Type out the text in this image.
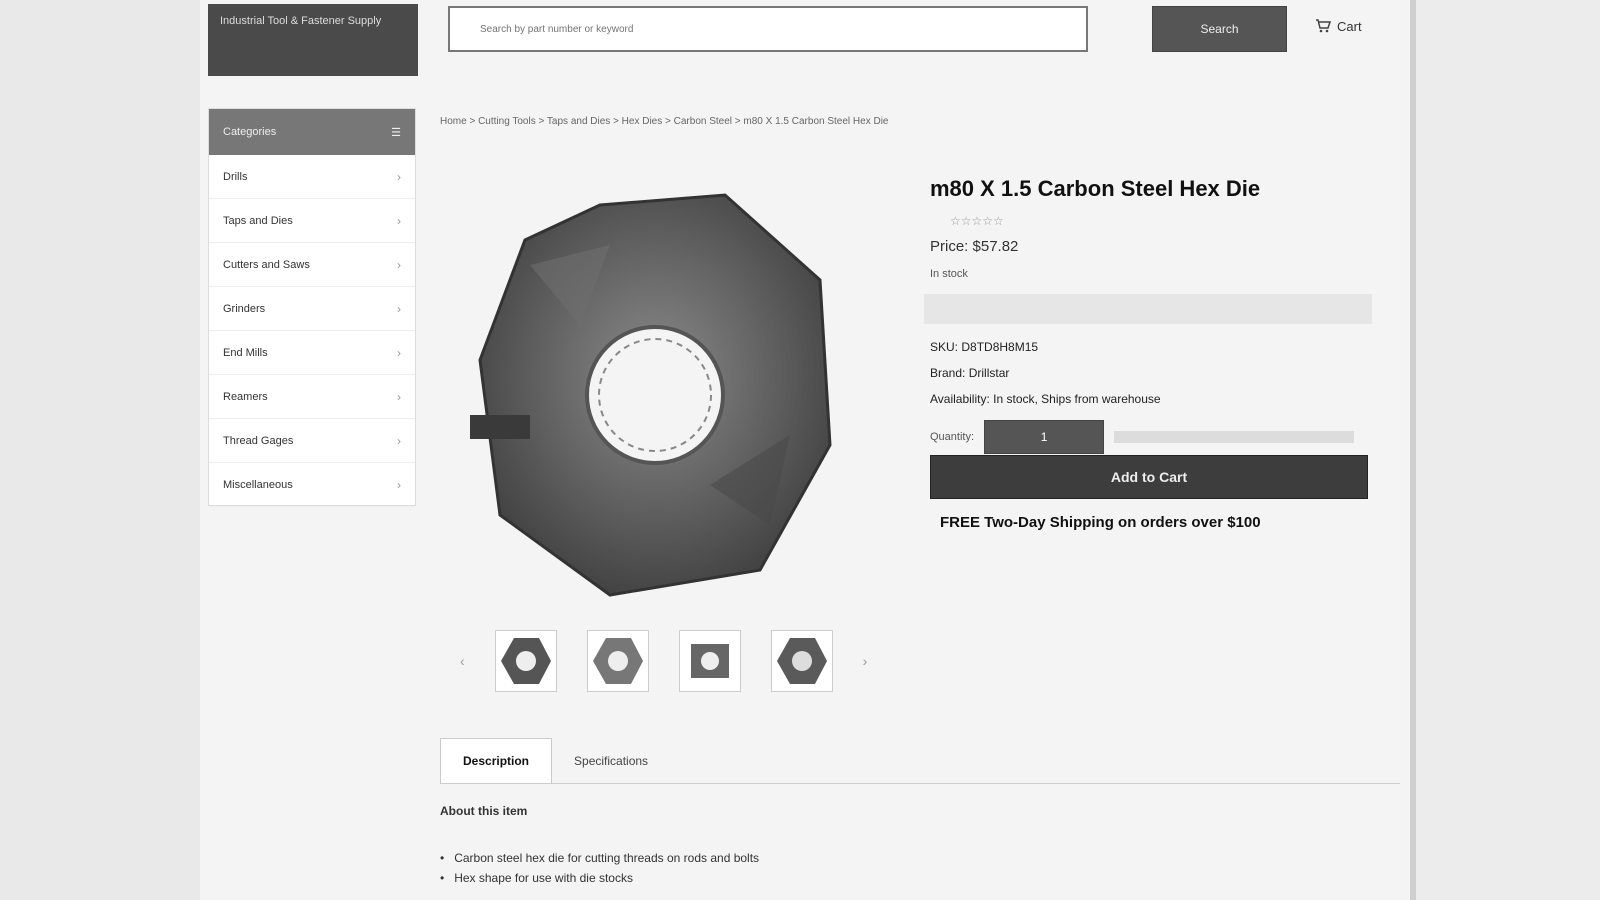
Industrial Tool & Fastener Supply
Search by part number or keyword
Search	Cart
Categories	☰
Drills	›
Taps and Dies	›
Cutters and Saws	›
Grinders	›
End Mills	›
Reamers	›
Thread Gages	›
Miscellaneous	›
Home > Cutting Tools > Taps and Dies > Hex Dies > Carbon Steel > m80 X 1.5 Carbon Steel Hex Die
‹	›
m80 X 1.5 Carbon Steel Hex Die
☆☆☆☆☆
Price: $57.82
In stock
SKU: D8TD8H8M15
Brand: Drillstar
Availability: In stock, Ships from warehouse
Quantity:	1
Add to Cart
FREE Two-Day Shipping on orders over $100
Description	Specifications
About this item
• Carbon steel hex die for cutting threads on rods and bolts
• Hex shape for use with die stocks
